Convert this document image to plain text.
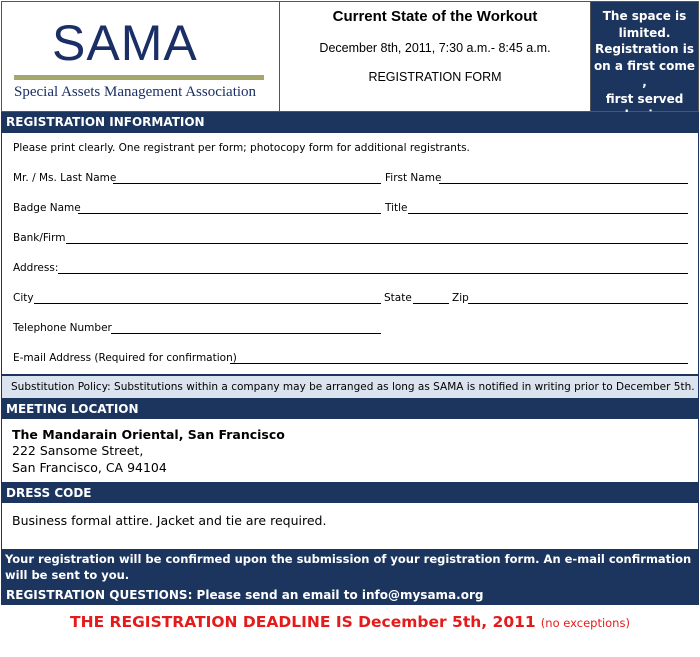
SAMA
Special Assets Management Association
Current State of the Workout
December 8th, 2011, 7:30 a.m.- 8:45 a.m.
REGISTRATION FORM
The space is
limited.
Registration is
on a first come ,
first served
REGISTRATION INFORMATION
Please print clearly. One registrant per form; photocopy form for additional registrants.
Mr. / Ms. Last Name	First Name
Badge Name	Title
Bank/Firm
Address:
City	State	Zip
Telephone Number
E-mail Address (Required for confirmation)
Substitution Policy:
Substitutions within a company may be arranged as long as SAMA is notified in writing prior to December 5th.
MEETING LOCATION
The Mandarain Oriental, San Francisco
222 Sansome Street,
San Francisco, CA 94104
DRESS CODE
Business formal attire. Jacket and tie are required.
Your registration will be confirmed upon the submission of your registration form. An e-mail confirmation will be sent to you.
REGISTRATION QUESTIONS: Please send an email to info@mysama.org
THE REGISTRATION DEADLINE IS December 5th, 2011 (no exceptions)
